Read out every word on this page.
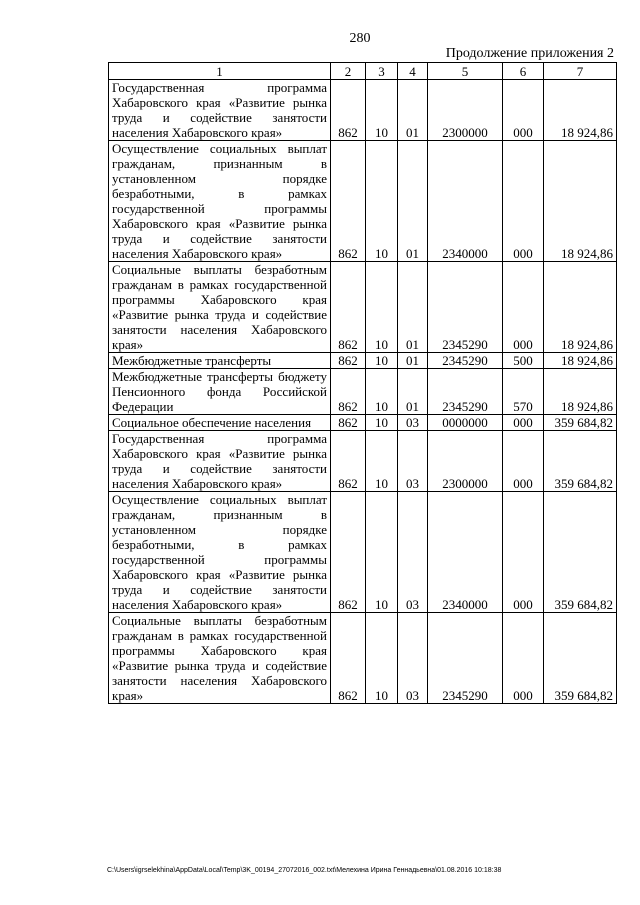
280
Продолжение приложения 2
1	2	3	4	5	6	7
Государственная программа Хабаровского края «Развитие рынка труда и содействие занятости населения Хабаровского края»	862	10	01	2300000	000	18 924,86
Осуществление социальных выплат гражданам, признанным в установленном порядке безработными, в рамках государственной программы Хабаровского края «Развитие рынка труда и содействие занятости населения Хабаровского края»	862	10	01	2340000	000	18 924,86
Социальные выплаты безработным гражданам в рамках государственной программы Хабаровского края «Развитие рынка труда и содействие занятости населения Хабаровского края»	862	10	01	2345290	000	18 924,86
Межбюджетные трансферты	862	10	01	2345290	500	18 924,86
Межбюджетные трансферты бюджету Пенсионного фонда Российской Федерации	862	10	01	2345290	570	18 924,86
Социальное обеспечение населения	862	10	03	0000000	000	359 684,82
Государственная программа Хабаровского края «Развитие рынка труда и содействие занятости населения Хабаровского края»	862	10	03	2300000	000	359 684,82
Осуществление социальных выплат гражданам, признанным в установленном порядке безработными, в рамках государственной программы Хабаровского края «Развитие рынка труда и содействие занятости населения Хабаровского края»	862	10	03	2340000	000	359 684,82
Социальные выплаты безработным гражданам в рамках государственной программы Хабаровского края «Развитие рынка труда и содействие занятости населения Хабаровского края»	862	10	03	2345290	000	359 684,82
C:\Users\igrselekhina\AppData\Local\Temp\3K_00194_27072016_002.txt\Мелехина Ирина Геннадьевна\01.08.2016 10:18:38
